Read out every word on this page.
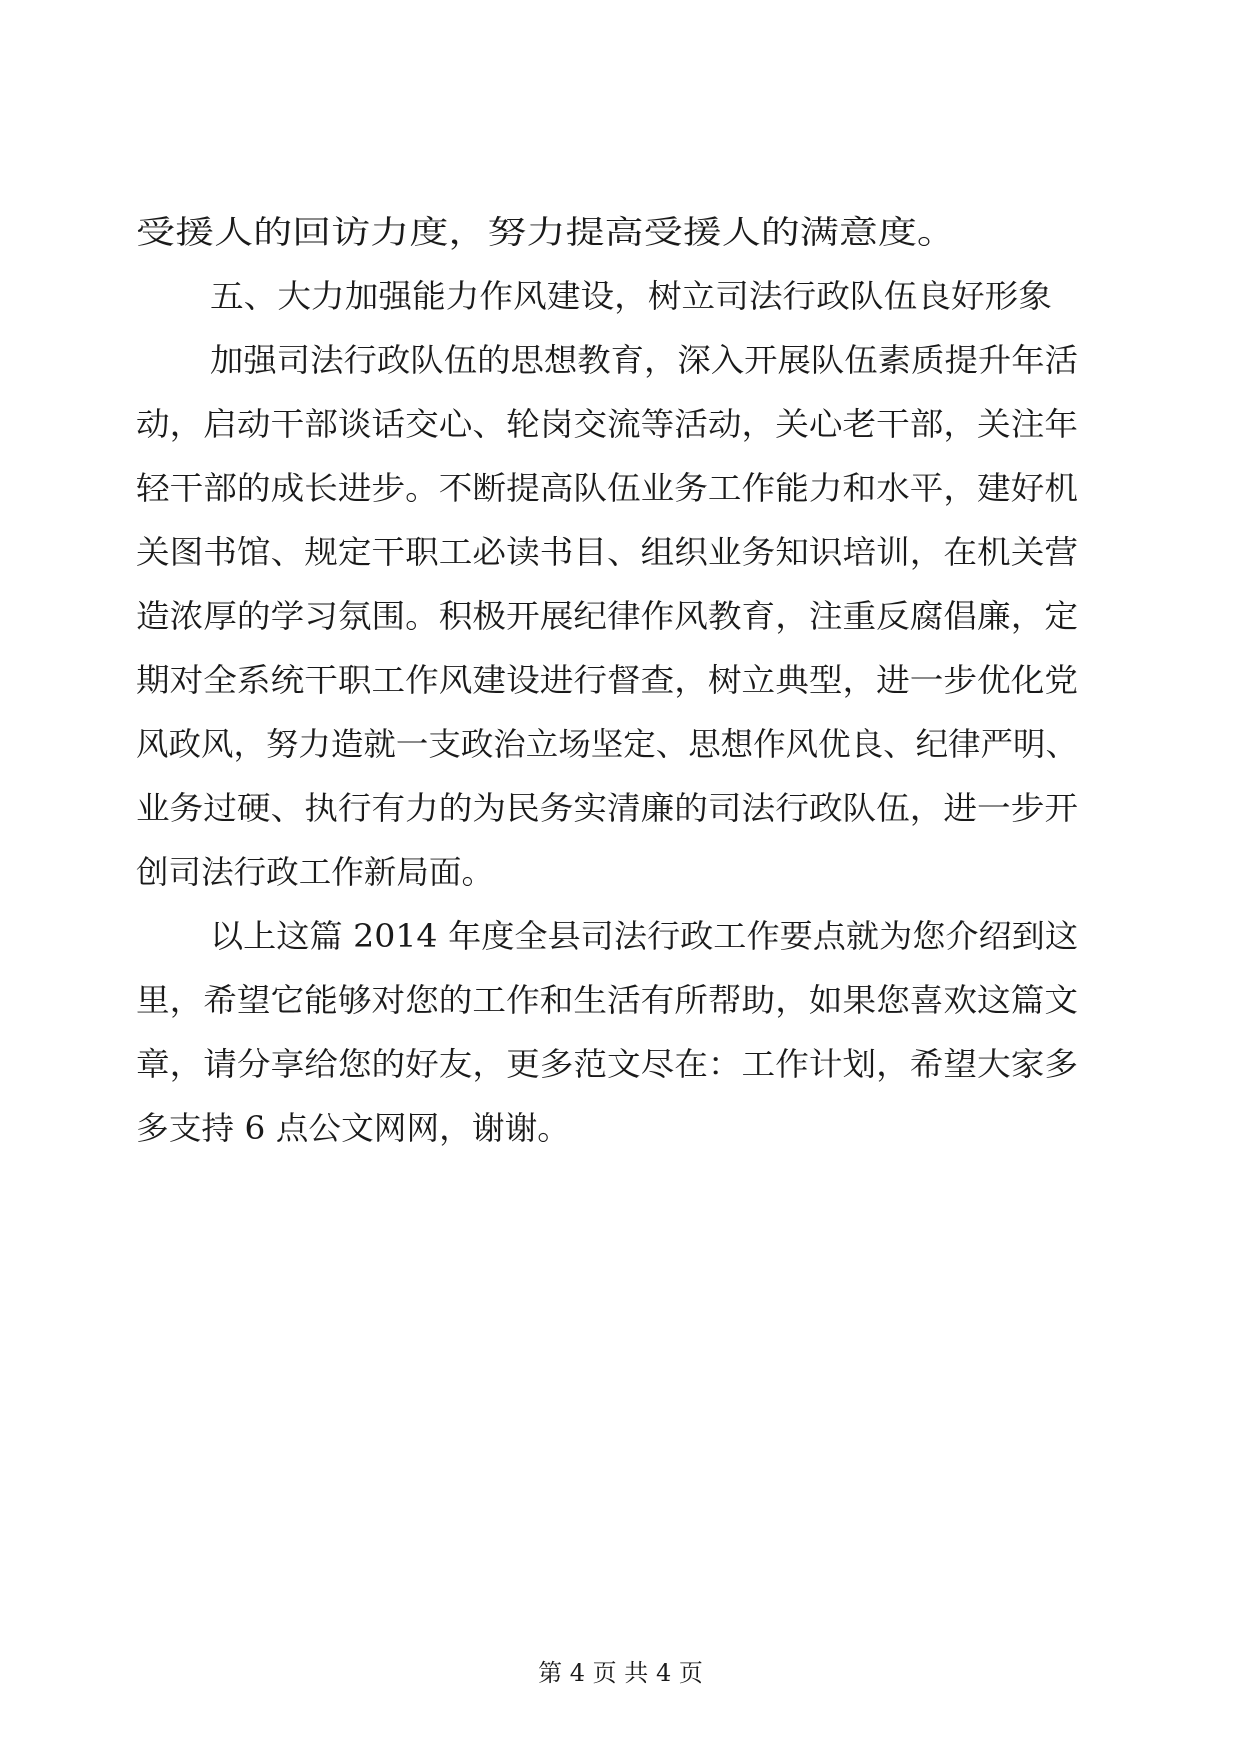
受援人的回访力度，努力提高受援人的满意度。
五、大力加强能力作风建设，树立司法行政队伍良好形象
加强司法行政队伍的思想教育，深入开展队伍素质提升年活
动，启动干部谈话交心、轮岗交流等活动，关心老干部，关注年
轻干部的成长进步。不断提高队伍业务工作能力和水平，建好机
关图书馆、规定干职工必读书目、组织业务知识培训，在机关营
造浓厚的学习氛围。积极开展纪律作风教育，注重反腐倡廉，定
期对全系统干职工作风建设进行督查，树立典型，进一步优化党
风政风，努力造就一支政治立场坚定、思想作风优良、纪律严明、
业务过硬、执行有力的为民务实清廉的司法行政队伍，进一步开
创司法行政工作新局面。
以上这篇 2014 年度全县司法行政工作要点就为您介绍到这
里，希望它能够对您的工作和生活有所帮助，如果您喜欢这篇文
章，请分享给您的好友，更多范文尽在：工作计划，希望大家多
多支持 6 点公文网网，谢谢。
第 4 页 共 4 页
